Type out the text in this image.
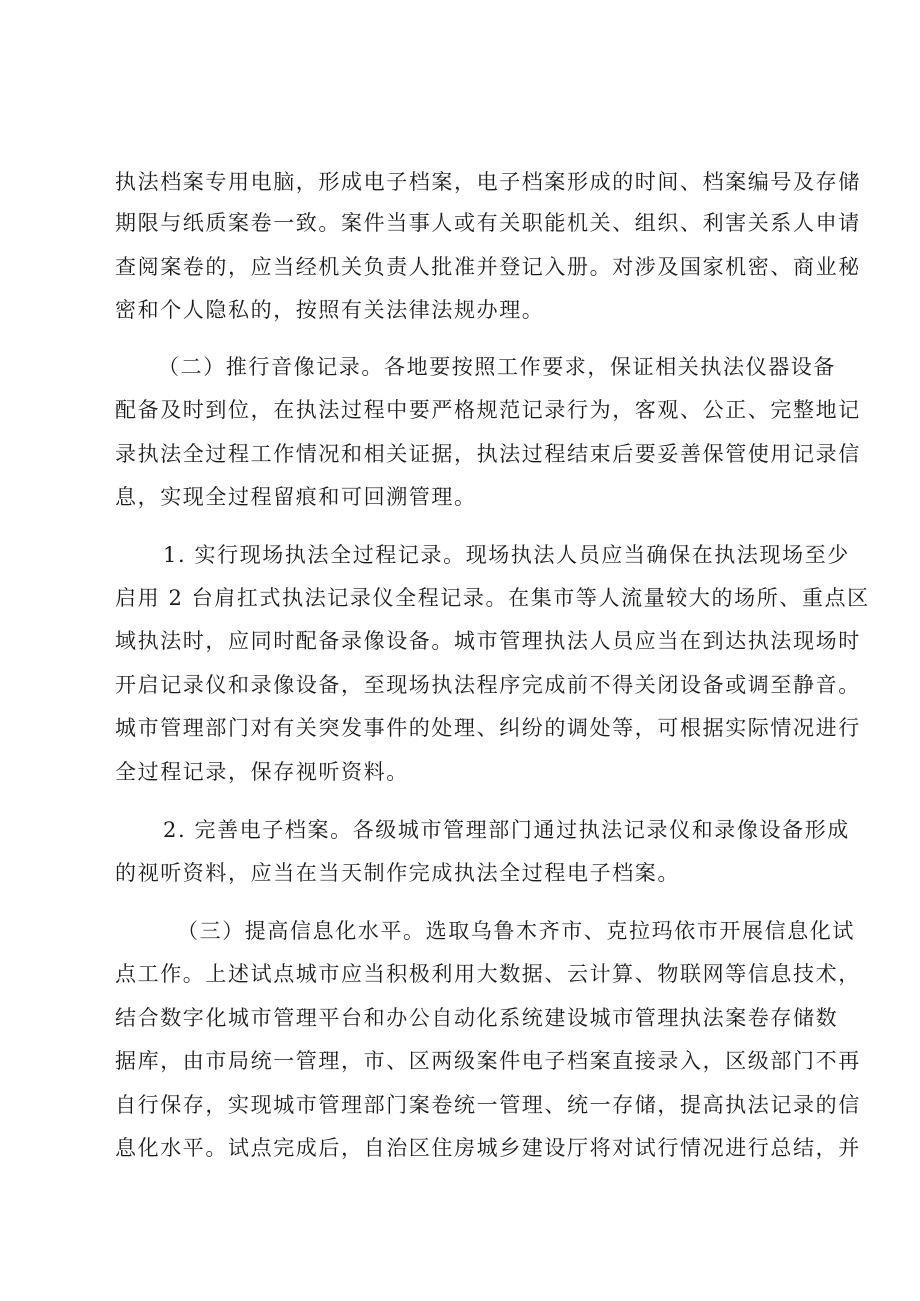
执法档案专用电脑，形成电子档案，电子档案形成的时间、档案编号及存储
期限与纸质案卷一致。案件当事人或有关职能机关、组织、利害关系人申请
查阅案卷的，应当经机关负责人批准并登记入册。对涉及国家机密、商业秘
密和个人隐私的，按照有关法律法规办理。
（二）推行音像记录。各地要按照工作要求，保证相关执法仪器设备
配备及时到位，在执法过程中要严格规范记录行为，客观、公正、完整地记
录执法全过程工作情况和相关证据，执法过程结束后要妥善保管使用记录信
息，实现全过程留痕和可回溯管理。
1. 实行现场执法全过程记录。现场执法人员应当确保在执法现场至少
启用 2 台肩扛式执法记录仪全程记录。在集市等人流量较大的场所、重点区
域执法时，应同时配备录像设备。城市管理执法人员应当在到达执法现场时
开启记录仪和录像设备，至现场执法程序完成前不得关闭设备或调至静音。
城市管理部门对有关突发事件的处理、纠纷的调处等，可根据实际情况进行
全过程记录，保存视听资料。
2. 完善电子档案。各级城市管理部门通过执法记录仪和录像设备形成
的视听资料，应当在当天制作完成执法全过程电子档案。
（三）提高信息化水平。选取乌鲁木齐市、克拉玛依市开展信息化试
点工作。上述试点城市应当积极利用大数据、云计算、物联网等信息技术，
结合数字化城市管理平台和办公自动化系统建设城市管理执法案卷存储数
据库，由市局统一管理，市、区两级案件电子档案直接录入，区级部门不再
自行保存，实现城市管理部门案卷统一管理、统一存储，提高执法记录的信
息化水平。试点完成后，自治区住房城乡建设厅将对试行情况进行总结，并
